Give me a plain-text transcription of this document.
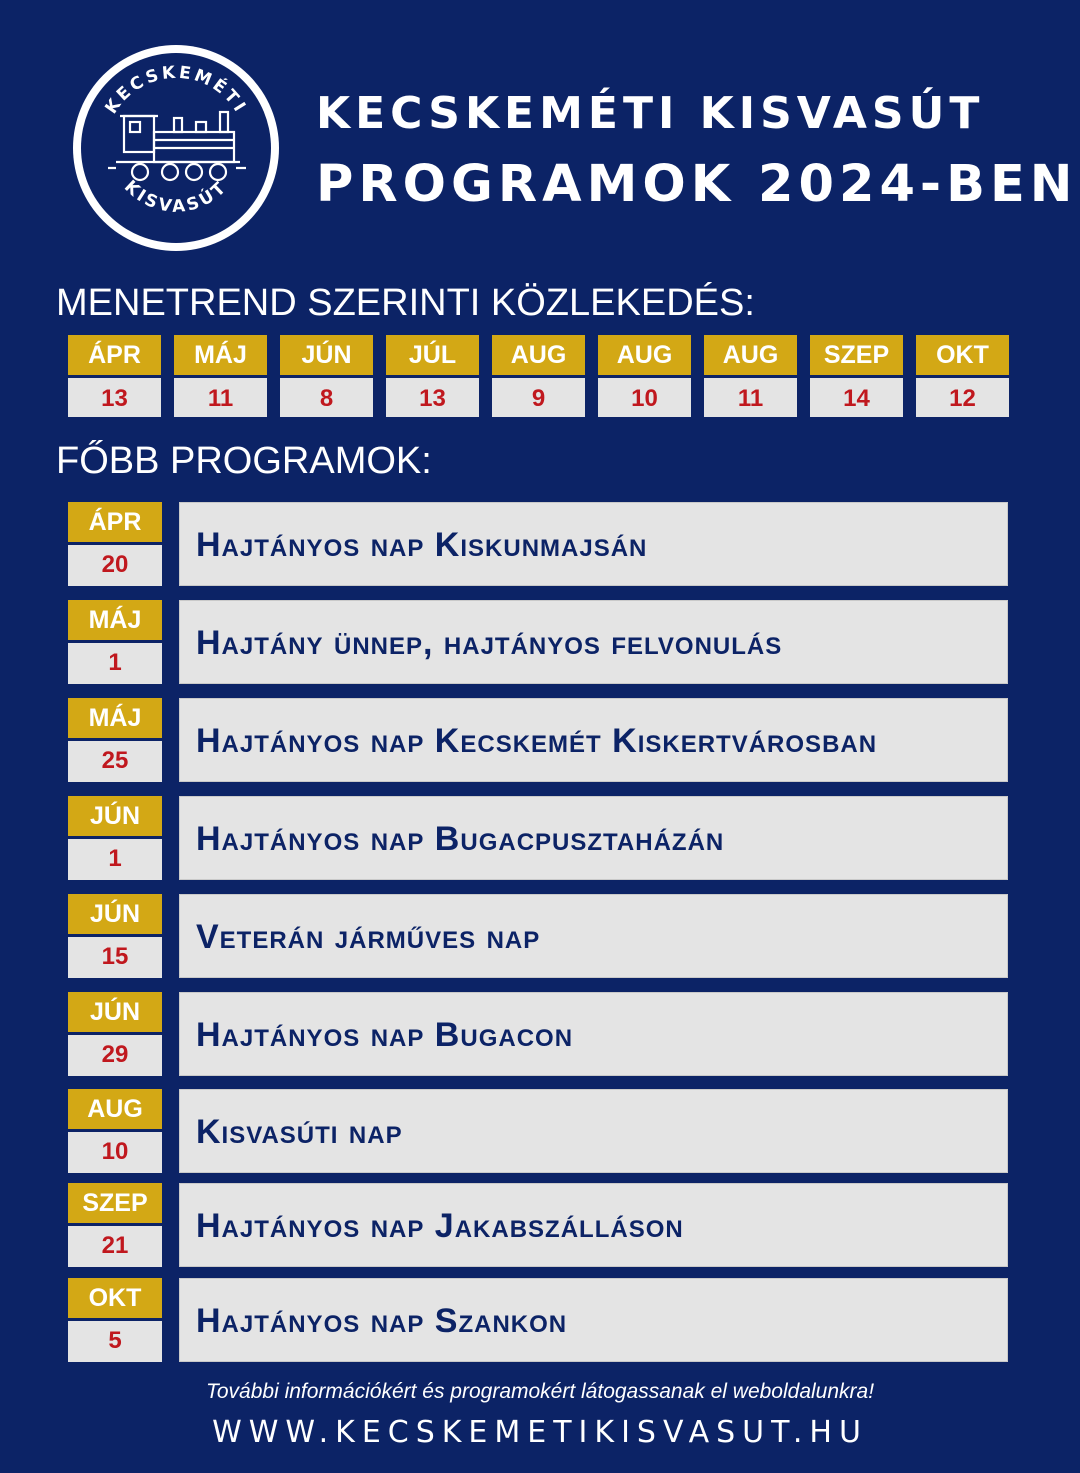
KECSKEMÉTI
KISVASÚT
KECSKEMÉTI KISVASÚT
PROGRAMOK 2024-BEN
MENETREND SZERINTI KÖZLEKEDÉS:
ÁPR
13
MÁJ
11
JÚN
8
JÚL
13
AUG
9
AUG
10
AUG
11
SZEP
14
OKT
12
FŐBB PROGRAMOK:
ÁPR
20
Hajtányos nap Kiskunmajsán
MÁJ
1
Hajtány ünnep, hajtányos felvonulás
MÁJ
25
Hajtányos nap Kecskemét Kiskertvárosban
JÚN
1
Hajtányos nap Bugacpusztaházán
JÚN
15
Veterán járműves nap
JÚN
29
Hajtányos nap Bugacon
AUG
10
Kisvasúti nap
SZEP
21
Hajtányos nap Jakabszálláson
OKT
5
Hajtányos nap Szankon
További információkért és programokért látogassanak el weboldalunkra!
WWW.KECSKEMETIKISVASUT.HU
